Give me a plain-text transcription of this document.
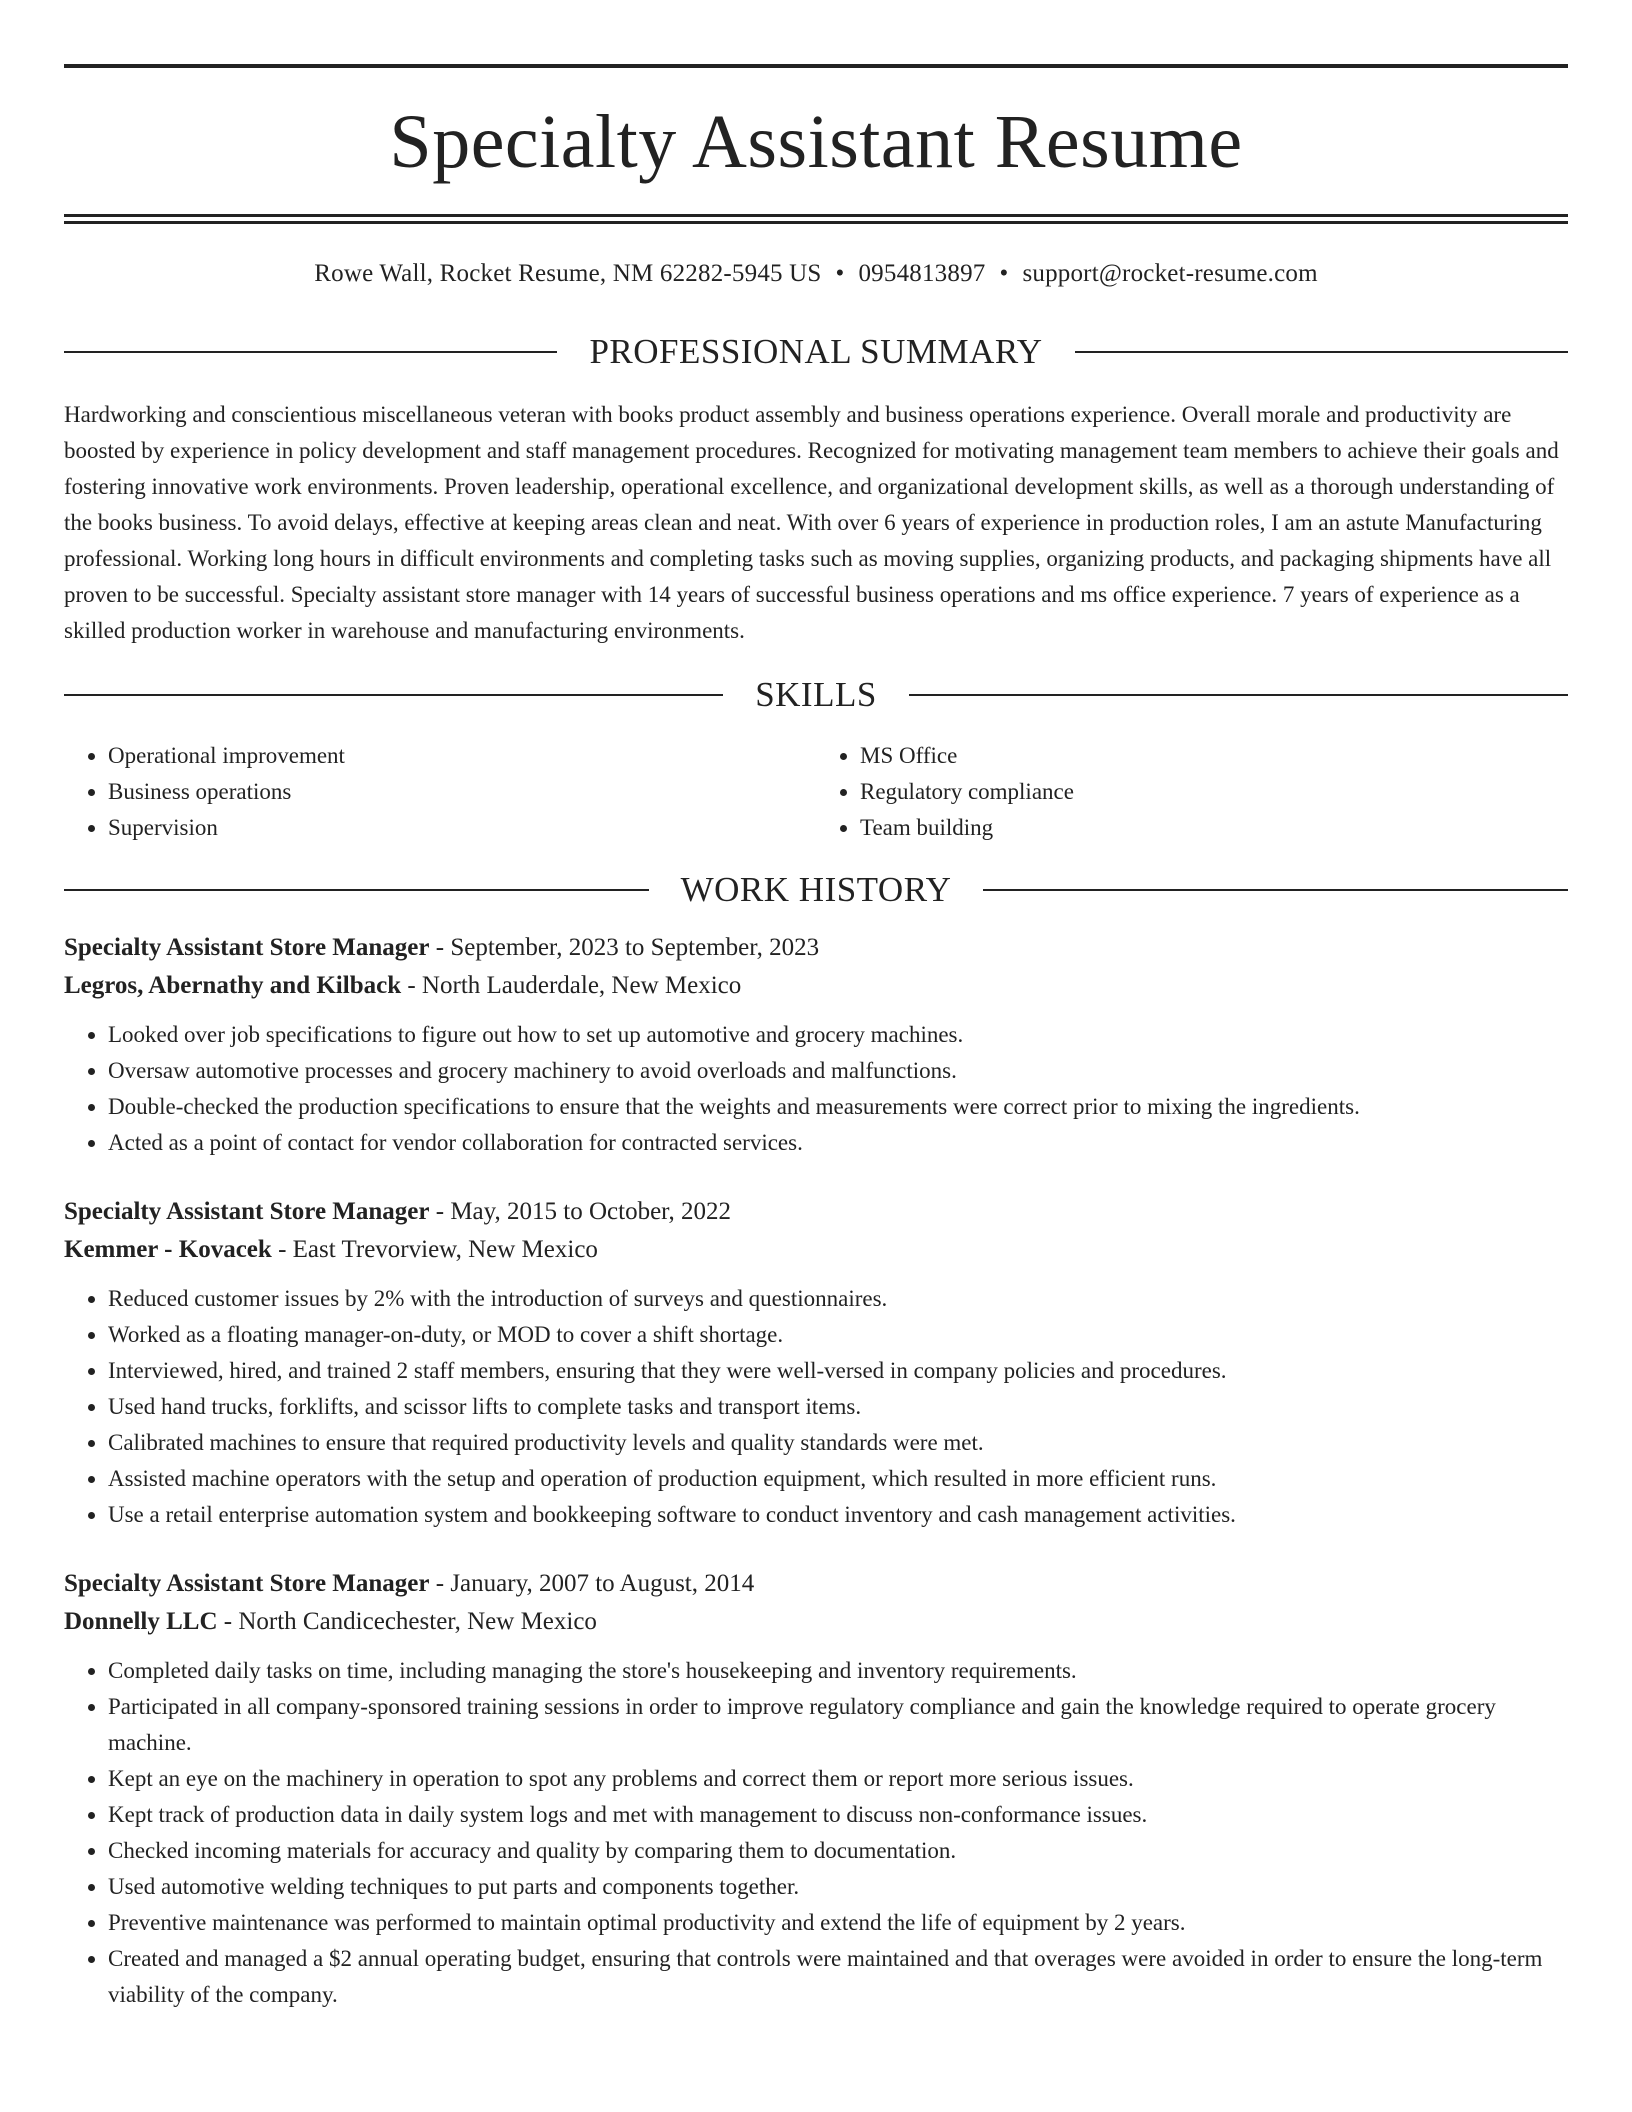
Specialty Assistant Resume
Rowe Wall, Rocket Resume, NM 62282-5945 US • 0954813897 • support@rocket-resume.com
PROFESSIONAL SUMMARY

Hardworking and conscientious miscellaneous veteran with books product assembly and business operations experience. Overall morale and productivity are boosted by experience in policy development and staff management procedures. Recognized for motivating management team members to achieve their goals and fostering innovative work environments. Proven leadership, operational excellence, and organizational development skills, as well as a thorough understanding of the books business. To avoid delays, effective at keeping areas clean and neat. With over 6 years of experience in production roles, I am an astute Manufacturing professional. Working long hours in difficult environments and completing tasks such as moving supplies, organizing products, and packaging shipments have all proven to be successful. Specialty assistant store manager with 14 years of successful business operations and ms office experience. 7 years of experience as a skilled production worker in warehouse and manufacturing environments.

SKILLS
• Operational improvement
• Business operations
• Supervision
• MS Office
• Regulatory compliance
• Team building
WORK HISTORY
Specialty Assistant Store Manager - September, 2023 to September, 2023
Legros, Abernathy and Kilback - North Lauderdale, New Mexico
• Looked over job specifications to figure out how to set up automotive and grocery machines.
• Oversaw automotive processes and grocery machinery to avoid overloads and malfunctions.
• Double-checked the production specifications to ensure that the weights and measurements were correct prior to mixing the ingredients.
• Acted as a point of contact for vendor collaboration for contracted services.
Specialty Assistant Store Manager - May, 2015 to October, 2022
Kemmer - Kovacek - East Trevorview, New Mexico
• Reduced customer issues by 2% with the introduction of surveys and questionnaires.
• Worked as a floating manager-on-duty, or MOD to cover a shift shortage.
• Interviewed, hired, and trained 2 staff members, ensuring that they were well-versed in company policies and procedures.
• Used hand trucks, forklifts, and scissor lifts to complete tasks and transport items.
• Calibrated machines to ensure that required productivity levels and quality standards were met.
• Assisted machine operators with the setup and operation of production equipment, which resulted in more efficient runs.
• Use a retail enterprise automation system and bookkeeping software to conduct inventory and cash management activities.
Specialty Assistant Store Manager - January, 2007 to August, 2014
Donnelly LLC - North Candicechester, New Mexico
• Completed daily tasks on time, including managing the store's housekeeping and inventory requirements.
• Participated in all company-sponsored training sessions in order to improve regulatory compliance and gain the knowledge required to operate grocery machine.
• Kept an eye on the machinery in operation to spot any problems and correct them or report more serious issues.
• Kept track of production data in daily system logs and met with management to discuss non-conformance issues.
• Checked incoming materials for accuracy and quality by comparing them to documentation.
• Used automotive welding techniques to put parts and components together.
• Preventive maintenance was performed to maintain optimal productivity and extend the life of equipment by 2 years.
• Created and managed a $2 annual operating budget, ensuring that controls were maintained and that overages were avoided in order to ensure the long-term viability of the company.
